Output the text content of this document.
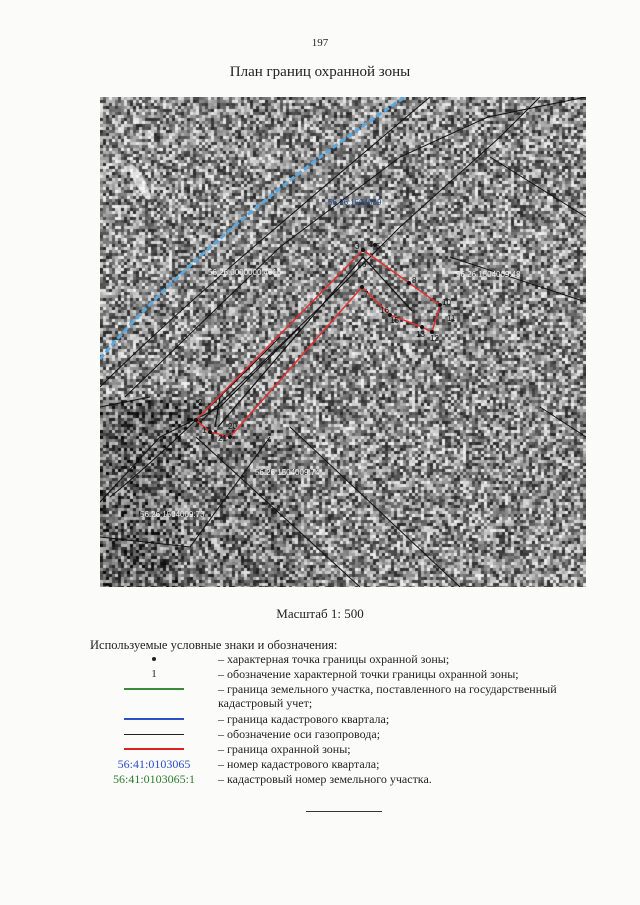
197
План границ охранной зоны
56:26:1504009
56:26:0000000:4916	56:26:1504009:48
56:26:1504009:74
56:26:1504009:73
2
1
21
20
3 4 5
6
7
8
10
11
16
15
13 12
Масштаб 1: 500
Используемые условные знаки и обозначения:
– характерная точка границы охранной зоны;
1	– обозначение характерной точки границы охранной зоны;
– граница земельного участка, поставленного на государственный кадастровый учет;
– граница кадастрового квартала;
– обозначение оси газопровода;
– граница охранной зоны;
56:41:0103065 – номер кадастрового квартала;
56:41:0103065:1 – кадастровый номер земельного участка.
